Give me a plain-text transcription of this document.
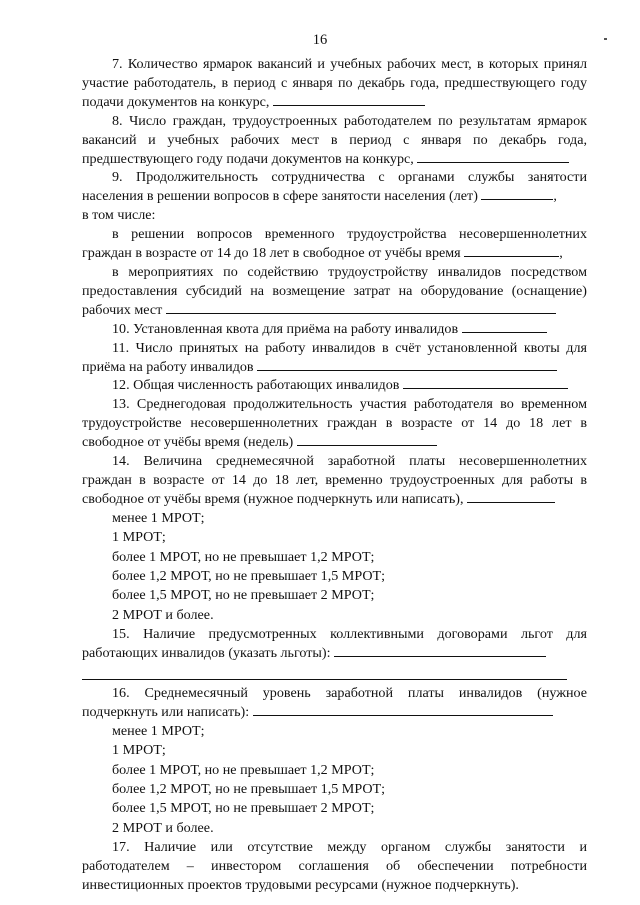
16

7. Количество ярмарок вакансий и учебных рабочих мест, в которых принял участие работодатель, в период с января по декабрь года, предшествующего году подачи документов на конкурс,

8. Число граждан, трудоустроенных работодателем по результатам ярмарок вакансий и учебных рабочих мест в период с января по декабрь года, предшествующего году подачи документов на конкурс,

9. Продолжительность сотрудничества с органами службы занятости населения в решении вопросов в сфере занятости населения (лет)	,

в том числе:

в решении вопросов временного трудоустройства несовершеннолетних граждан в возрасте от 14 до 18 лет в свободное от учёбы время	,

в мероприятиях по содействию трудоустройству инвалидов посредством предоставления субсидий на возмещение затрат на оборудование (оснащение) рабочих мест

10. Установленная квота для приёма на работу инвалидов

11. Число принятых на работу инвалидов в счёт установленной квоты для приёма на работу инвалидов

12. Общая численность работающих инвалидов

13. Среднегодовая продолжительность участия работодателя во временном трудоустройстве несовершеннолетних граждан в возрасте от 14 до 18 лет в свободное от учёбы время (недель)

14. Величина среднемесячной заработной платы несовершеннолетних граждан в возрасте от 14 до 18 лет, временно трудоустроенных для работы в свободное от учёбы время (нужное подчеркнуть или написать),

менее 1 МРОТ;

1 МРОТ;

более 1 МРОТ, но не превышает 1,2 МРОТ;

более 1,2 МРОТ, но не превышает 1,5 МРОТ;

более 1,5 МРОТ, но не превышает 2 МРОТ;

2 МРОТ и более.

15. Наличие предусмотренных коллективными договорами льгот для работающих инвалидов (указать льготы):

16. Среднемесячный уровень заработной платы инвалидов (нужное подчеркнуть или написать):

менее 1 МРОТ;

1 МРОТ;

более 1 МРОТ, но не превышает 1,2 МРОТ;

более 1,2 МРОТ, но не превышает 1,5 МРОТ;

более 1,5 МРОТ, но не превышает 2 МРОТ;

2 МРОТ и более.

17. Наличие или отсутствие между органом службы занятости и работодателем – инвестором соглашения об обеспечении потребности инвестиционных проектов трудовыми ресурсами (нужное подчеркнуть).
